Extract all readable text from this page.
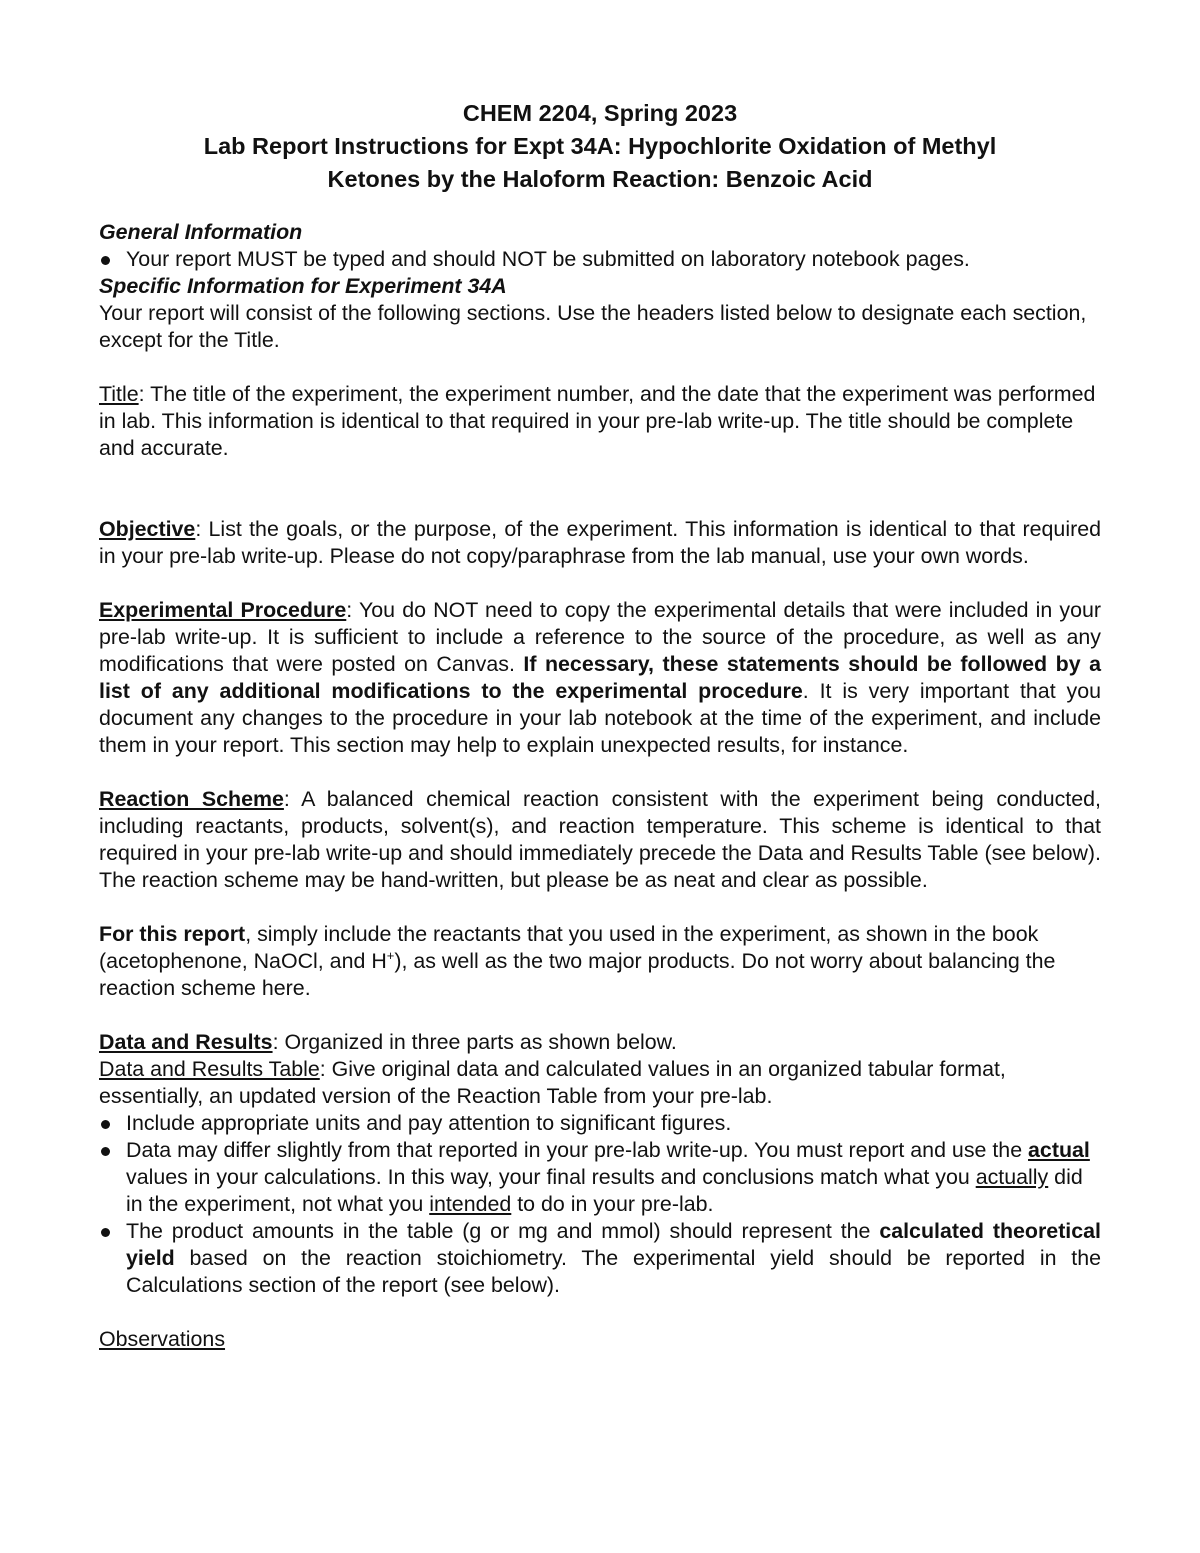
CHEM 2204, Spring 2023

Lab Report Instructions for Expt 34A: Hypochlorite Oxidation of Methyl

Ketones by the Haloform Reaction: Benzoic Acid

General Information

Your report MUST be typed and should NOT be submitted on laboratory notebook pages.

Specific Information for Experiment 34A

Your report will consist of the following sections. Use the headers listed below to designate each section, except for the Title.

Title: The title of the experiment, the experiment number, and the date that the experiment was performed in lab. This information is identical to that required in your pre-lab write-up. The title should be complete and accurate.

Objective: List the goals, or the purpose, of the experiment. This information is identical to that required in your pre-lab write-up. Please do not copy/paraphrase from the lab manual, use your own words.

Experimental Procedure: You do NOT need to copy the experimental details that were included in your pre-lab write-up. It is sufficient to include a reference to the source of the procedure, as well as any modifications that were posted on Canvas. If necessary, these statements should be followed by a list of any additional modifications to the experimental procedure. It is very important that you document any changes to the procedure in your lab notebook at the time of the experiment, and include them in your report. This section may help to explain unexpected results, for instance.

Reaction Scheme: A balanced chemical reaction consistent with the experiment being conducted, including reactants, products, solvent(s), and reaction temperature. This scheme is identical to that required in your pre-lab write-up and should immediately precede the Data and Results Table (see below). The reaction scheme may be hand-written, but please be as neat and clear as possible.

For this report, simply include the reactants that you used in the experiment, as shown in the book (acetophenone, NaOCl, and H+), as well as the two major products. Do not worry about balancing the reaction scheme here.

Data and Results: Organized in three parts as shown below.

Data and Results Table: Give original data and calculated values in an organized tabular format, essentially, an updated version of the Reaction Table from your pre-lab.

Include appropriate units and pay attention to significant figures.
Data may differ slightly from that reported in your pre-lab write-up. You must report and use the actual values in your calculations. In this way, your final results and conclusions match what you actually did in the experiment, not what you intended to do in your pre-lab.
The product amounts in the table (g or mg and mmol) should represent the calculated theoretical yield based on the reaction stoichiometry. The experimental yield should be reported in the Calculations section of the report (see below).

Observations
